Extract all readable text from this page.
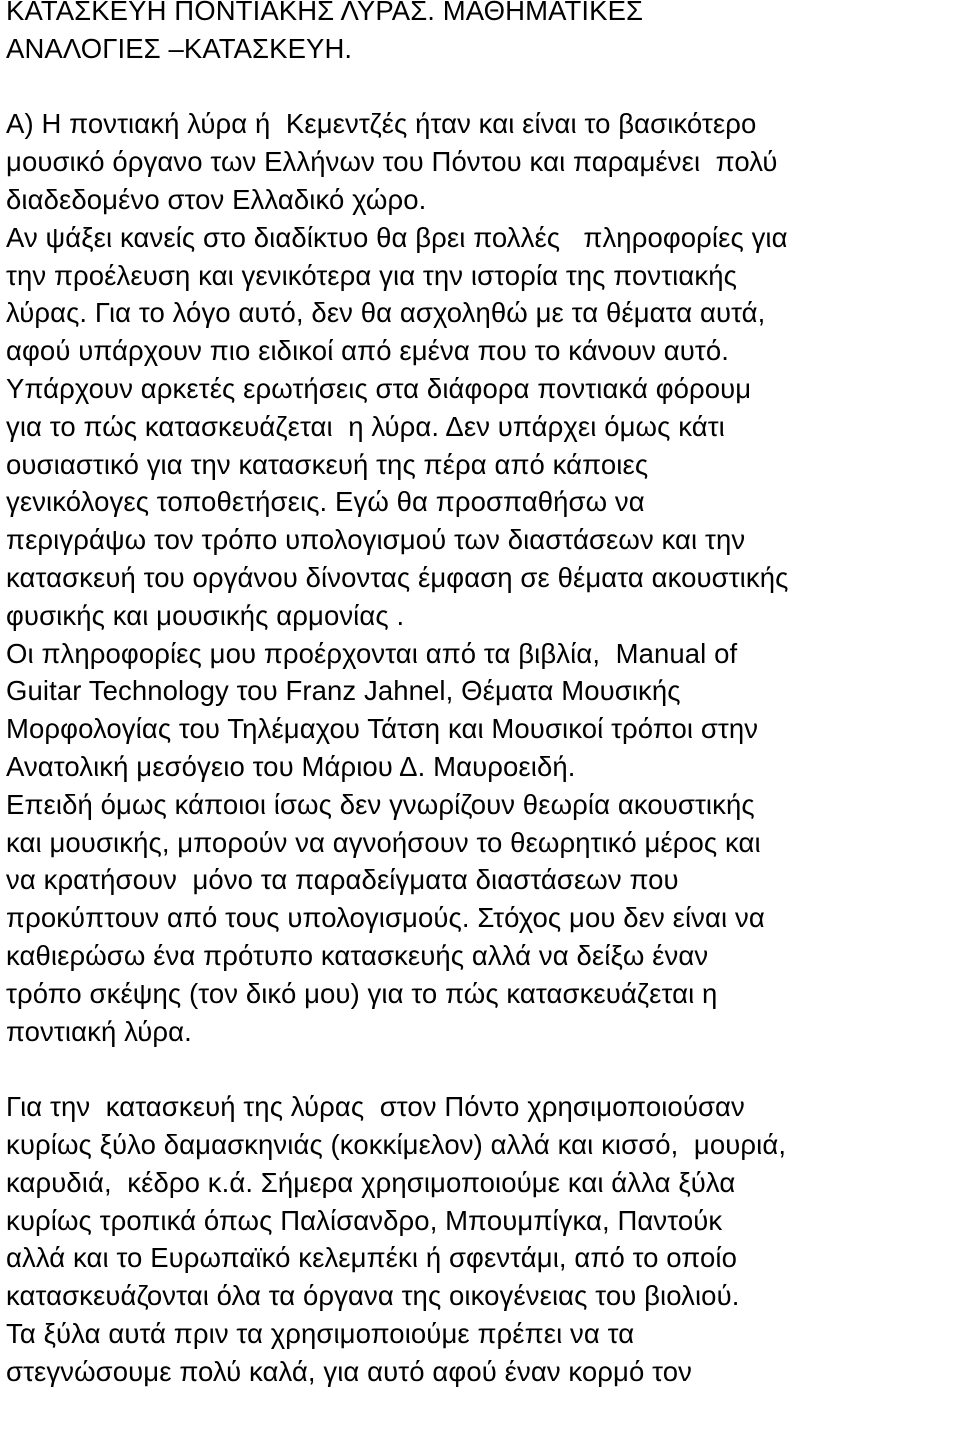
ΚΑΤΑΣΚΕΥΗ ΠΟΝΤΙΑΚΗΣ ΛΥΡΑΣ. ΜΑΘΗΜΑΤΙΚΕΣ
ΑΝΑΛΟΓΙΕΣ –ΚΑΤΑΣΚΕΥΗ.
Α) Η ποντιακή λύρα ή  Κεμεντζές ήταν και είναι το βασικότερο
μουσικό όργανο των Ελλήνων του Πόντου και παραμένει  πολύ
διαδεδομένο στον Ελλαδικό χώρο.
Αν ψάξει κανείς στο διαδίκτυο θα βρει πολλές   πληροφορίες για
την προέλευση και γενικότερα για την ιστορία της ποντιακής
λύρας. Για το λόγο αυτό, δεν θα ασχοληθώ με τα θέματα αυτά,
αφού υπάρχουν πιο ειδικοί από εμένα που το κάνουν αυτό.
Υπάρχουν αρκετές ερωτήσεις στα διάφορα ποντιακά φόρουμ
για το πώς κατασκευάζεται  η λύρα. Δεν υπάρχει όμως κάτι
ουσιαστικό για την κατασκευή της πέρα από κάποιες
γενικόλογες τοποθετήσεις. Εγώ θα προσπαθήσω να
περιγράψω τον τρόπο υπολογισμού των διαστάσεων και την
κατασκευή του οργάνου δίνοντας έμφαση σε θέματα ακουστικής
φυσικής και μουσικής αρμονίας .
Οι πληροφορίες μου προέρχονται από τα βιβλία,  Manual of
Guitar Technology του Franz Jahnel, Θέματα Μουσικής
Μορφολογίας του Τηλέμαχου Τάτση και Μουσικοί τρόποι στην
Ανατολική μεσόγειο του Μάριου Δ. Μαυροειδή.
Επειδή όμως κάποιοι ίσως δεν γνωρίζουν θεωρία ακουστικής
και μουσικής, μπορούν να αγνοήσουν το θεωρητικό μέρος και
να κρατήσουν  μόνο τα παραδείγματα διαστάσεων που
προκύπτουν από τους υπολογισμούς. Στόχος μου δεν είναι να
καθιερώσω ένα πρότυπο κατασκευής αλλά να δείξω έναν
τρόπο σκέψης (τον δικό μου) για το πώς κατασκευάζεται η
ποντιακή λύρα.
Για την  κατασκευή της λύρας  στον Πόντο χρησιμοποιούσαν
κυρίως ξύλο δαμασκηνιάς (κοκκίμελον) αλλά και κισσό,  μουριά,
καρυδιά,  κέδρο κ.ά. Σήμερα χρησιμοποιούμε και άλλα ξύλα
κυρίως τροπικά όπως Παλίσανδρο, Μπουμπίγκα, Παντούκ
αλλά και το Ευρωπαϊκό κελεμπέκι ή σφεντάμι, από το οποίο
κατασκευάζονται όλα τα όργανα της οικογένειας του βιολιού.
Τα ξύλα αυτά πριν τα χρησιμοποιούμε πρέπει να τα
στεγνώσουμε πολύ καλά, για αυτό αφού έναν κορμό τον
